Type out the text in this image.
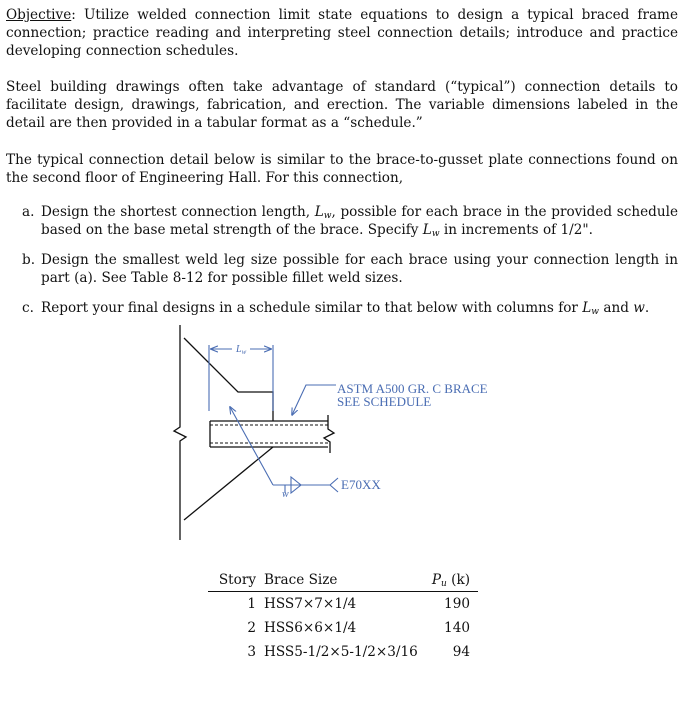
Objective: Utilize welded connection limit state equations to design a typical braced frame connection; practice reading and interpreting steel connection details; introduce and practice developing connection schedules.

Steel building drawings often take advantage of standard (“typical”) connection details to facilitate design, drawings, fabrication, and erection. The variable dimensions labeled in the detail are then provided in a tabular format as a “schedule.”

The typical connection detail below is similar to the brace-to-gusset plate connections found on the second floor of Engineering Hall. For this connection,

a. Design the shortest connection length, $L_w$, possible for each brace in the provided schedule based on the base metal strength of the brace. Specify $L_w$ in increments of 1/2".
b. Design the smallest weld leg size possible for each brace using your connection length in part (a). See Table 8-12 for possible fillet weld sizes.
c. Report your final designs in a schedule similar to that below with columns for $L_w$ and w.
$L_w$
ASTM A500 GR. C BRACE
SEE SCHEDULE
w
E70XX
Story	Brace Size	$P_u$ (k)
1	HSS7×7×1/4	190
2	HSS6×6×1/4	140
3	HSS5-1/2×5-1/2×3/16	94
